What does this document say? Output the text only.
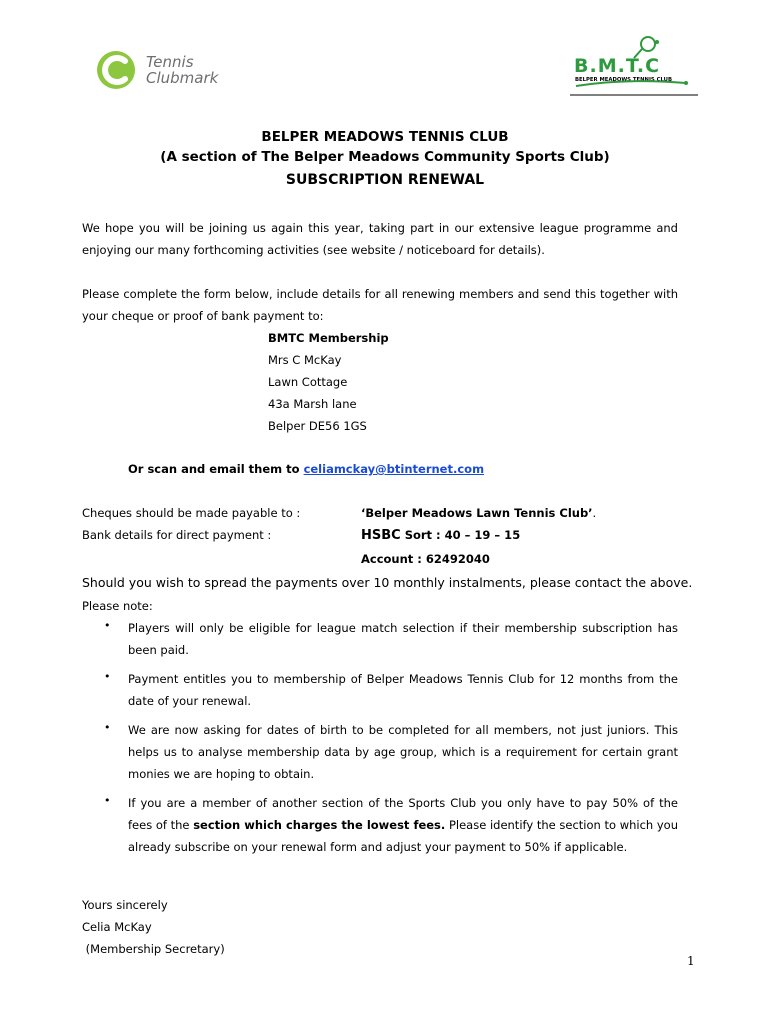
Tennis
Clubmark
B.M.T.C
BELPER MEADOWS TENNIS CLUB
BELPER MEADOWS TENNIS CLUB
(A section of The Belper Meadows Community Sports Club)
SUBSCRIPTION RENEWAL
We hope you will be joining us again this year, taking part in our extensive league programme and enjoying our many forthcoming activities (see website / noticeboard for details).
Please complete the form below, include details for all renewing members and send this together with your cheque or proof of bank payment to:
BMTC Membership
Mrs C McKay
Lawn Cottage
43a Marsh lane
Belper DE56 1GS
Or scan and email them to celiamckay@btinternet.com
Cheques should be made payable to :	‘Belper Meadows Lawn Tennis Club’.
Bank details for direct payment :	HSBC Sort : 40 – 19 – 15
Account : 62492040
Should you wish to spread the payments over 10 monthly instalments, please contact the above.
Please note:
• Players will only be eligible for league match selection if their membership subscription has been paid.
• Payment entitles you to membership of Belper Meadows Tennis Club for 12 months from the date of your renewal.
• We are now asking for dates of birth to be completed for all members, not just juniors. This helps us to analyse membership data by age group, which is a requirement for certain grant monies we are hoping to obtain.
• If you are a member of another section of the Sports Club you only have to pay 50% of the fees of the section which charges the lowest fees. Please identify the section to which you already subscribe on your renewal form and adjust your payment to 50% if applicable.
Yours sincerely
Celia McKay
(Membership Secretary)
1
